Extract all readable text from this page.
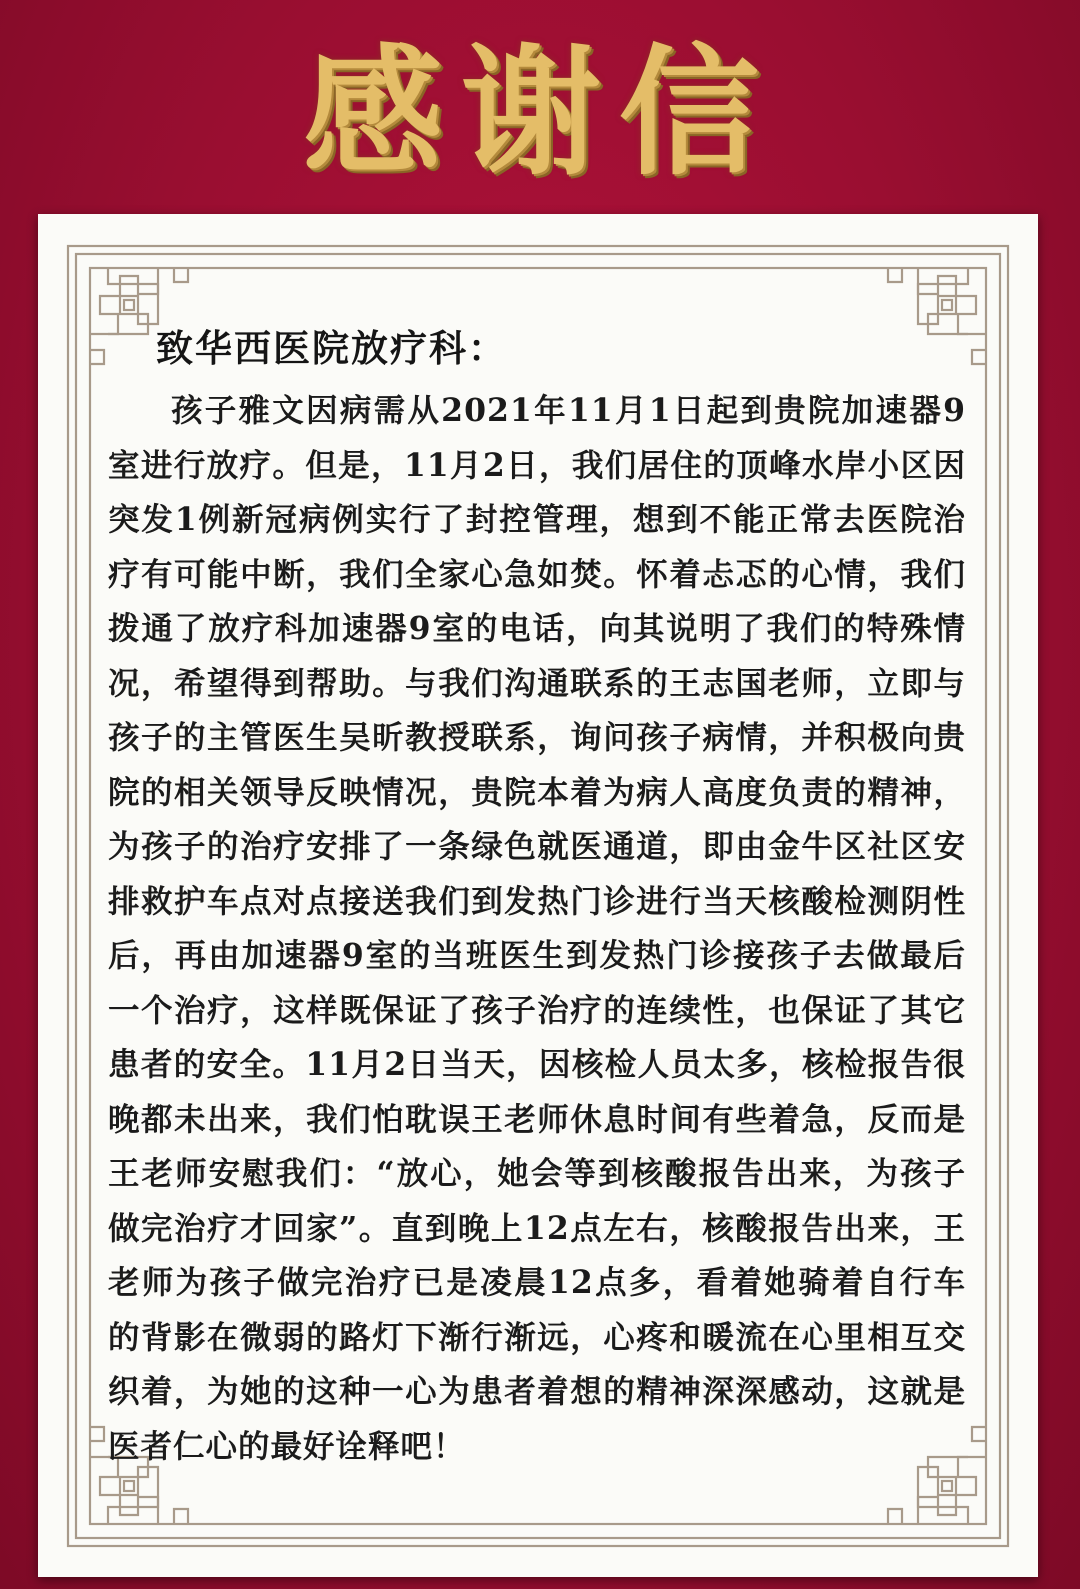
感谢信
致华西医院放疗科：

孩子雅文因病需从2021年11月1日起到贵院加速器9室进行放疗。但是，11月2日，我们居住的顶峰水岸小区因突发1例新冠病例实行了封控管理，想到不能正常去医院治疗有可能中断，我们全家心急如焚。怀着忐忑的心情，我们拨通了放疗科加速器9室的电话，向其说明了我们的特殊情况，希望得到帮助。与我们沟通联系的王志国老师，立即与孩子的主管医生吴昕教授联系，询问孩子病情，并积极向贵院的相关领导反映情况，贵院本着为病人高度负责的精神，为孩子的治疗安排了一条绿色就医通道，即由金牛区社区安排救护车点对点接送我们到发热门诊进行当天核酸检测阴性后，再由加速器9室的当班医生到发热门诊接孩子去做最后一个治疗，这样既保证了孩子治疗的连续性，也保证了其它患者的安全。11月2日当天，因核检人员太多，核检报告很晚都未出来，我们怕耽误王老师休息时间有些着急，反而是王老师安慰我们：“放心，她会等到核酸报告出来，为孩子做完治疗才回家”。直到晚上12点左右，核酸报告出来，王老师为孩子做完治疗已是凌晨12点多，看着她骑着自行车的背影在微弱的路灯下渐行渐远，心疼和暖流在心里相互交织着，为她的这种一心为患者着想的精神深深感动，这就是医者仁心的最好诠释吧！
